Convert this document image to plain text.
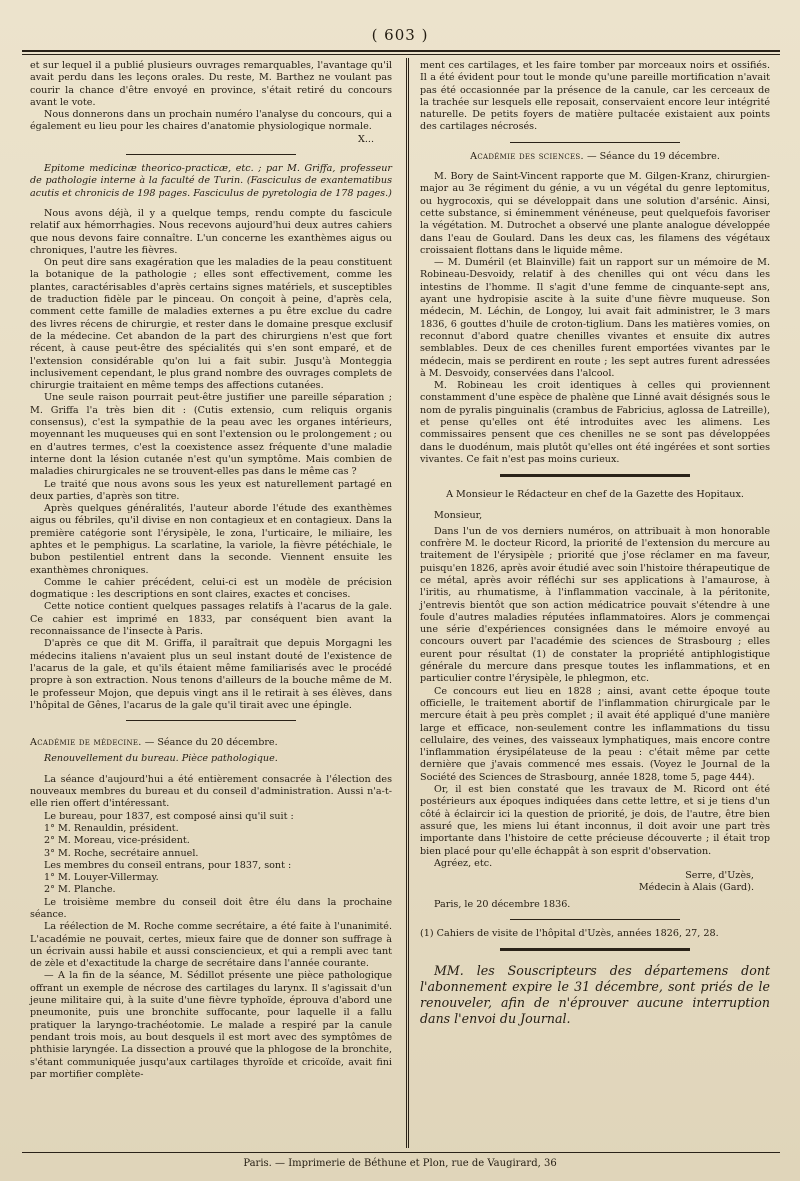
( 603 )

et sur lequel il a publié plusieurs ouvrages remarquables, l'avantage qu'il avait perdu dans les leçons orales. Du reste, M. Barthez ne voulant pas courir la chance d'être envoyé en province, s'était retiré du concours avant le vote.

Nous donnerons dans un prochain numéro l'analyse du concours, qui a également eu lieu pour les chaires d'anatomie physiologique normale.

X...

Epitome medicinæ theorico-practicæ, etc. ; par M. Griffa, professeur de pathologie interne à la faculté de Turin. (Fasciculus de exantematibus acutis et chronicis de 198 pages. Fasciculus de pyretologia de 178 pages.)

Nous avons déjà, il y a quelque temps, rendu compte du fascicule relatif aux hémorrhagies. Nous recevons aujourd'hui deux autres cahiers que nous devons faire connaître. L'un concerne les exanthèmes aigus ou chroniques, l'autre les fièvres.

On peut dire sans exagération que les maladies de la peau constituent la botanique de la pathologie ; elles sont effectivement, comme les plantes, caractérisables d'après certains signes matériels, et susceptibles de traduction fidèle par le pinceau. On conçoit à peine, d'après cela, comment cette famille de maladies externes a pu être exclue du cadre des livres récens de chirurgie, et rester dans le domaine presque exclusif de la médecine. Cet abandon de la part des chirurgiens n'est que fort récent, à cause peut-être des spécialités qui s'en sont emparé, et de l'extension considérable qu'on lui a fait subir. Jusqu'à Monteggia inclusivement cependant, le plus grand nombre des ouvrages complets de chirurgie traitaient en même temps des affections cutanées.

Une seule raison pourrait peut-être justifier une pareille séparation ; M. Griffa l'a très bien dit : (Cutis extensio, cum reliquis organis consensus), c'est la sympathie de la peau avec les organes intérieurs, moyennant les muqueuses qui en sont l'extension ou le prolongement ; ou en d'autres termes, c'est la coexistence assez fréquente d'une maladie interne dont la lésion cutanée n'est qu'un symptôme. Mais combien de maladies chirurgicales ne se trouvent-elles pas dans le même cas ?

Le traité que nous avons sous les yeux est naturellement partagé en deux parties, d'après son titre.

Après quelques généralités, l'auteur aborde l'étude des exanthèmes aigus ou fébriles, qu'il divise en non contagieux et en contagieux. Dans la première catégorie sont l'érysipèle, le zona, l'urticaire, le miliaire, les aphtes et le pemphigus. La scarlatine, la variole, la fièvre pétéchiale, le bubon pestilentiel entrent dans la seconde. Viennent ensuite les exanthèmes chroniques.

Comme le cahier précédent, celui-ci est un modèle de précision dogmatique : les descriptions en sont claires, exactes et concises.

Cette notice contient quelques passages relatifs à l'acarus de la gale. Ce cahier est imprimé en 1833, par conséquent bien avant la reconnaissance de l'insecte à Paris.

D'après ce que dit M. Griffa, il paraîtrait que depuis Morgagni les médecins italiens n'avaient plus un seul instant douté de l'existence de l'acarus de la gale, et qu'ils étaient même familiarisés avec le procédé propre à son extraction. Nous tenons d'ailleurs de la bouche même de M. le professeur Mojon, que depuis vingt ans il le retirait à ses élèves, dans l'hôpital de Gênes, l'acarus de la gale qu'il tirait avec une épingle.

Académie de médecine. — Séance du 20 décembre.

Renouvellement du bureau. Pièce pathologique.

La séance d'aujourd'hui a été entièrement consacrée à l'élection des nouveaux membres du bureau et du conseil d'administration. Aussi n'a-t-elle rien offert d'intéressant.

Le bureau, pour 1837, est composé ainsi qu'il suit :

1° M. Renauldin, président.

2° M. Moreau, vice-président.

3° M. Roche, secrétaire annuel.

Les membres du conseil entrans, pour 1837, sont :

1° M. Louyer-Villermay.

2° M. Planche.

Le troisième membre du conseil doit être élu dans la prochaine séance.

La réélection de M. Roche comme secrétaire, a été faite à l'unanimité. L'académie ne pouvait, certes, mieux faire que de donner son suffrage à un écrivain aussi habile et aussi consciencieux, et qui a rempli avec tant de zèle et d'exactitude la charge de secrétaire dans l'année courante.

— A la fin de la séance, M. Sédillot présente une pièce pathologique offrant un exemple de nécrose des cartilages du larynx. Il s'agissait d'un jeune militaire qui, à la suite d'une fièvre typhoïde, éprouva d'abord une pneumonite, puis une bronchite suffocante, pour laquelle il a fallu pratiquer la laryngo-trachéotomie. Le malade a respiré par la canule pendant trois mois, au bout desquels il est mort avec des symptômes de phthisie laryngée. La dissection a prouvé que la phlogose de la bronchite, s'étant communiquée jusqu'aux cartilages thyroïde et cricoïde, avait fini par mortifier complète-

ment ces cartilages, et les faire tomber par morceaux noirs et ossifiés. Il a été évident pour tout le monde qu'une pareille mortification n'avait pas été occasionnée par la présence de la canule, car les cerceaux de la trachée sur lesquels elle reposait, conservaient encore leur intégrité naturelle. De petits foyers de matière pultacée existaient aux points des cartilages nécrosés.

Académie des sciences. — Séance du 19 décembre.

M. Bory de Saint-Vincent rapporte que M. Gilgen-Kranz, chirurgien-major au 3e régiment du génie, a vu un végétal du genre leptomitus, ou hygrocoxis, qui se développait dans une solution d'arsénic. Ainsi, cette substance, si éminemment vénéneuse, peut quelquefois favoriser la végétation. M. Dutrochet a observé une plante analogue développée dans l'eau de Goulard. Dans les deux cas, les filamens des végétaux croissaient flottans dans le liquide même.

— M. Duméril (et Blainville) fait un rapport sur un mémoire de M. Robineau-Desvoidy, relatif à des chenilles qui ont vécu dans les intestins de l'homme. Il s'agit d'une femme de cinquante-sept ans, ayant une hydropisie ascite à la suite d'une fièvre muqueuse. Son médecin, M. Léchin, de Longoy, lui avait fait administrer, le 3 mars 1836, 6 gouttes d'huile de croton-tiglium. Dans les matières vomies, on reconnut d'abord quatre chenilles vivantes et ensuite dix autres semblables. Deux de ces chenilles furent emportées vivantes par le médecin, mais se perdirent en route ; les sept autres furent adressées à M. Desvoidy, conservées dans l'alcool.

M. Robineau les croit identiques à celles qui proviennent constamment d'une espèce de phalène que Linné avait désignés sous le nom de pyralis pinguinalis (crambus de Fabricius, aglossa de Latreille), et pense qu'elles ont été introduites avec les alimens. Les commissaires pensent que ces chenilles ne se sont pas développées dans le duodénum, mais plutôt qu'elles ont été ingérées et sont sorties vivantes. Ce fait n'est pas moins curieux.

A Monsieur le Rédacteur en chef de la Gazette des Hopitaux.

Monsieur,

Dans l'un de vos derniers numéros, on attribuait à mon honorable confrère M. le docteur Ricord, la priorité de l'extension du mercure au traitement de l'érysipèle ; priorité que j'ose réclamer en ma faveur, puisqu'en 1826, après avoir étudié avec soin l'histoire thérapeutique de ce métal, après avoir réfléchi sur ses applications à l'amaurose, à l'iritis, au rhumatisme, à l'inflammation vaccinale, à la péritonite, j'entrevis bientôt que son action médicatrice pouvait s'étendre à une foule d'autres maladies réputées inflammatoires. Alors je commençai une série d'expériences consignées dans le mémoire envoyé au concours ouvert par l'académie des sciences de Strasbourg ; elles eurent pour résultat (1) de constater la propriété antiphlogistique générale du mercure dans presque toutes les inflammations, et en particulier contre l'érysipèle, le phlegmon, etc.

Ce concours eut lieu en 1828 ; ainsi, avant cette époque toute officielle, le traitement abortif de l'inflammation chirurgicale par le mercure était à peu près complet ; il avait été appliqué d'une manière large et efficace, non-seulement contre les inflammations du tissu cellulaire, des veines, des vaisseaux lymphatiques, mais encore contre l'inflammation érysipélateuse de la peau : c'était même par cette dernière que j'avais commencé mes essais. (Voyez le Journal de la Société des Sciences de Strasbourg, année 1828, tome 5, page 444).

Or, il est bien constaté que les travaux de M. Ricord ont été postérieurs aux époques indiquées dans cette lettre, et si je tiens d'un côté à éclaircir ici la question de priorité, je dois, de l'autre, être bien assuré que, les miens lui étant inconnus, il doit avoir une part très importante dans l'histoire de cette précieuse découverte ; il était trop bien placé pour qu'elle échappât à son esprit d'observation.

Agréez, etc.

Serre, d'Uzès,
Médecin à Alais (Gard).

Paris, le 20 décembre 1836.

(1) Cahiers de visite de l'hôpital d'Uzès, années 1826, 27, 28.

MM. les Souscripteurs des départemens dont l'abonnement expire le 31 décembre, sont priés de le renouveler, afin de n'éprouver aucune interruption dans l'envoi du Journal.

Paris. — Imprimerie de Béthune et Plon, rue de Vaugirard, 36
